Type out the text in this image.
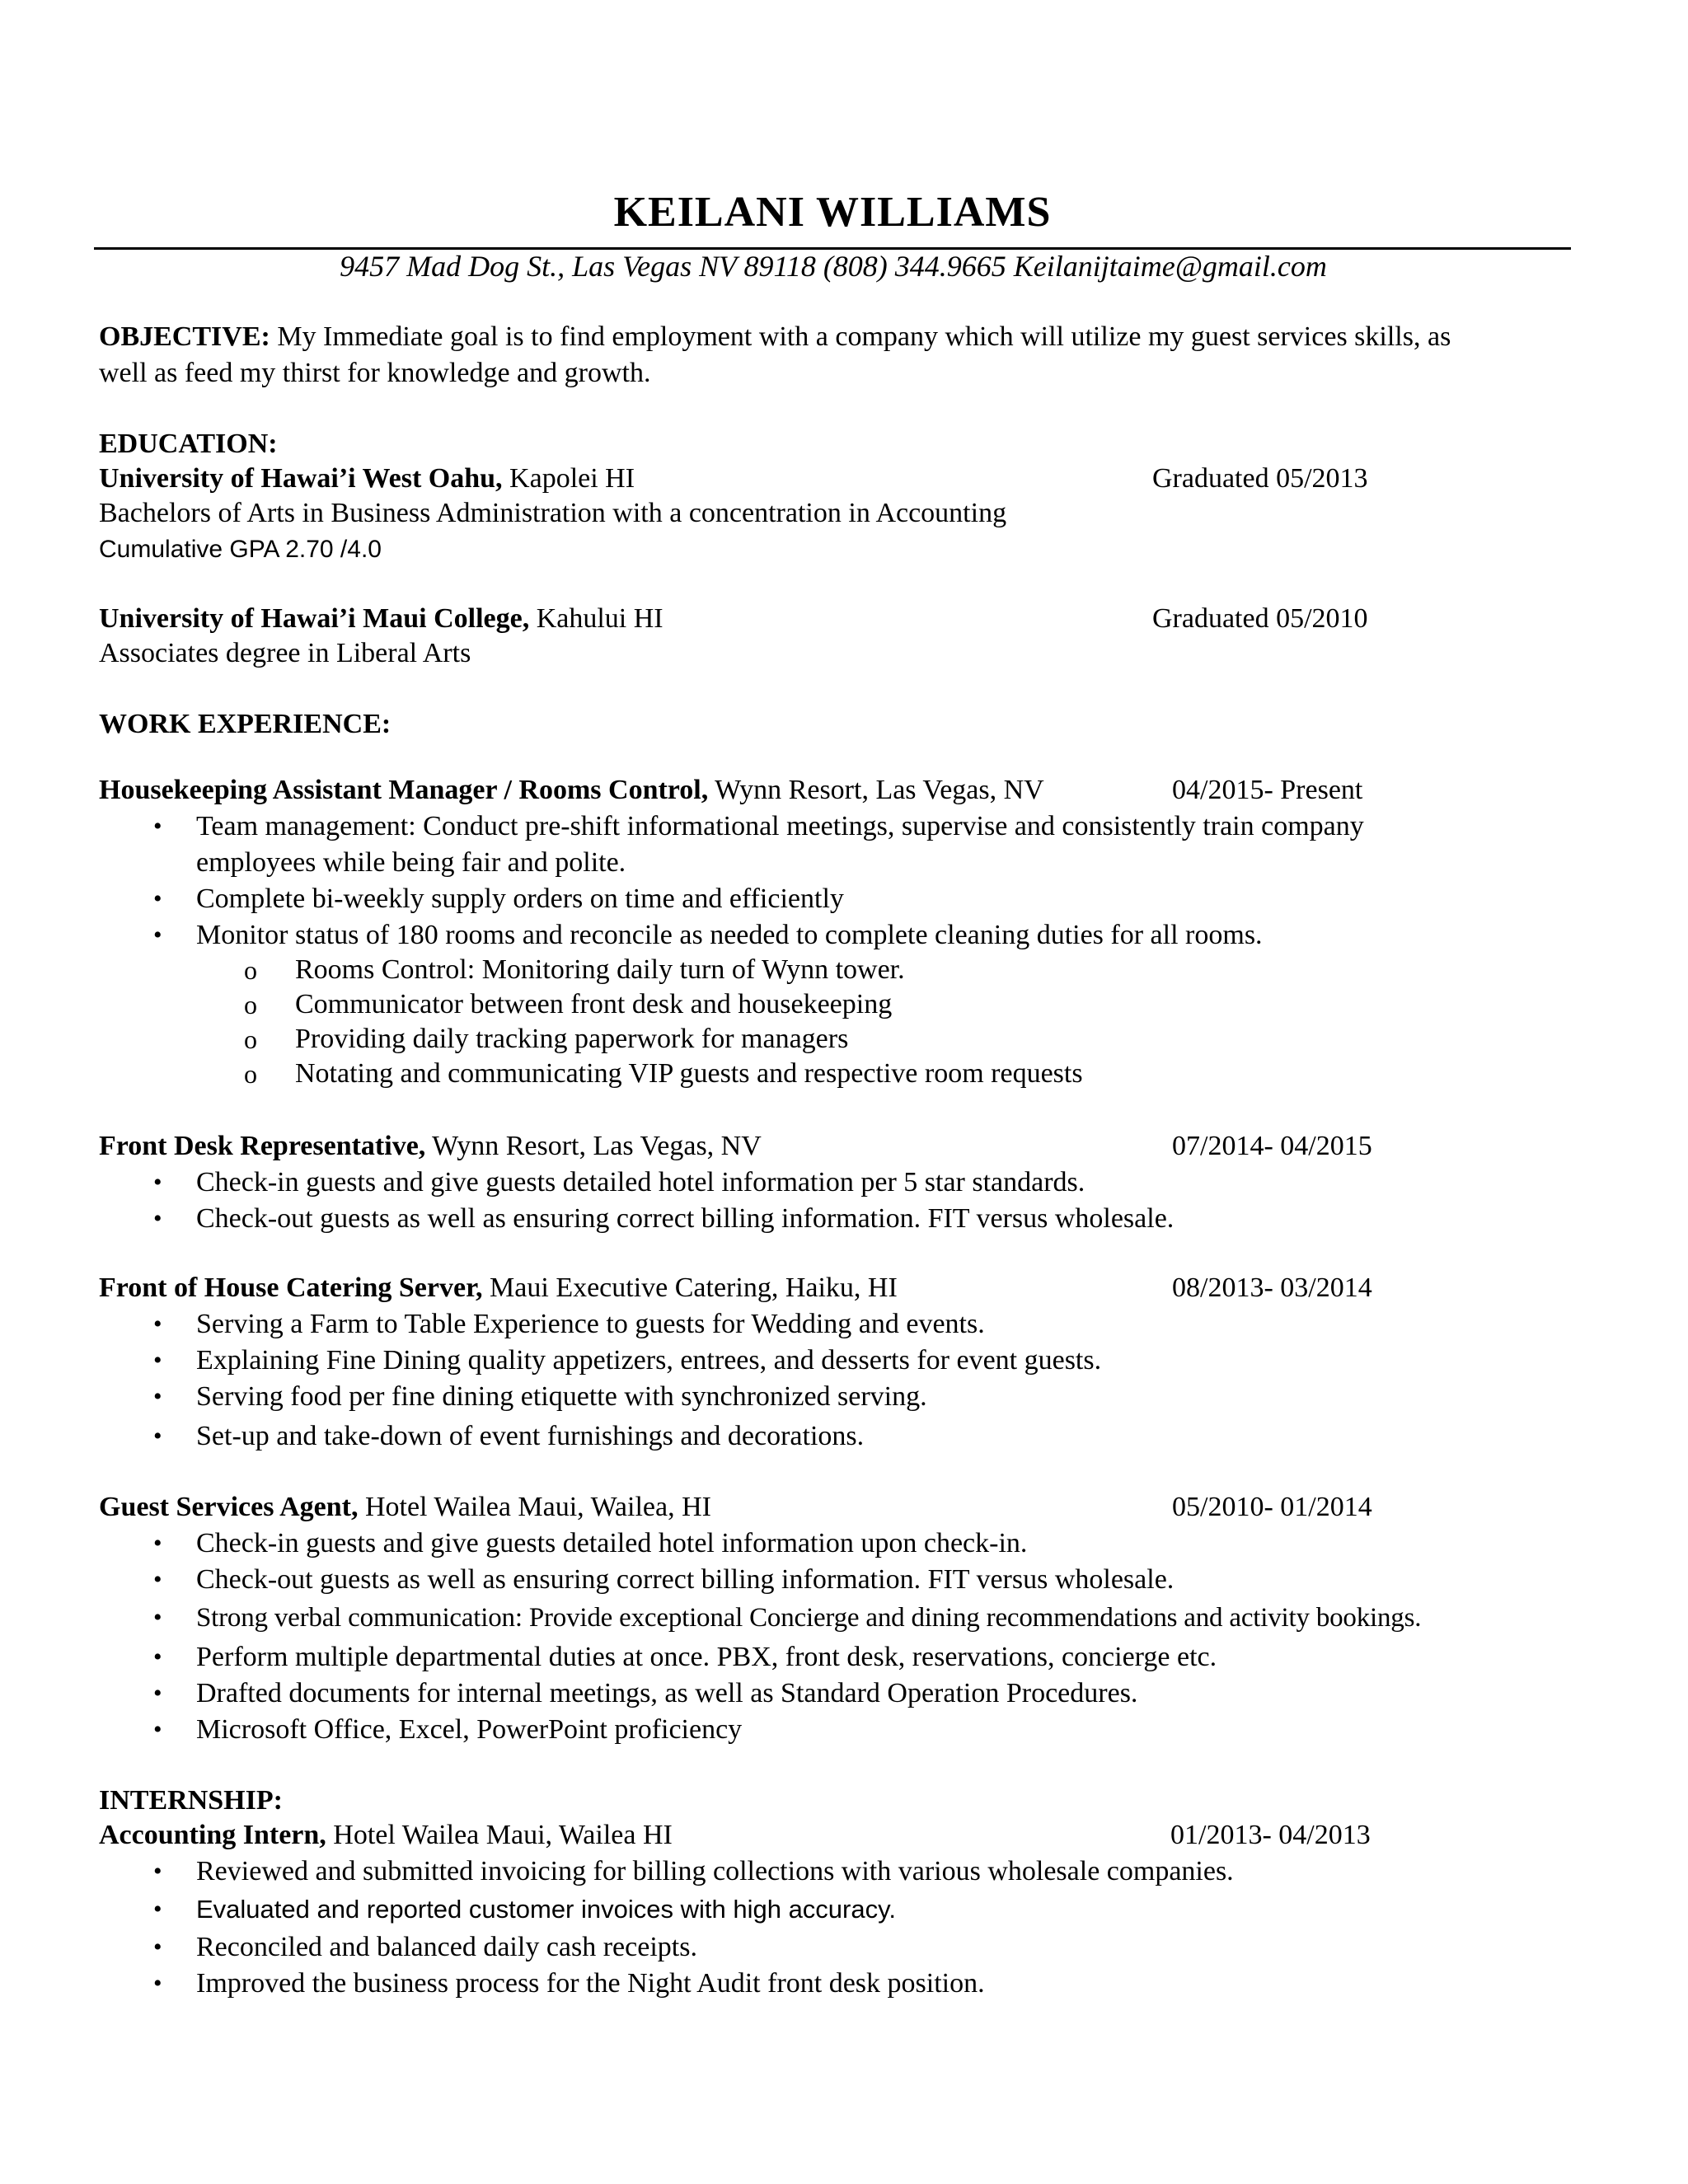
KEILANI WILLIAMS
9457 Mad Dog St., Las Vegas NV 89118 (808) 344.9665 Keilanijtaime@gmail.com
OBJECTIVE: My Immediate goal is to find employment with a company which will utilize my guest services skills, as
well as feed my thirst for knowledge and growth.
EDUCATION:
University of Hawai’i West Oahu, Kapolei HI	Graduated 05/2013
Bachelors of Arts in Business Administration with a concentration in Accounting
Cumulative GPA 2.70 /4.0
University of Hawai’i Maui College, Kahului HI	Graduated 05/2010
Associates degree in Liberal Arts
WORK EXPERIENCE:
Housekeeping Assistant Manager / Rooms Control, Wynn Resort, Las Vegas, NV	04/2015- Present
• Team management: Conduct pre-shift informational meetings, supervise and consistently train company
employees while being fair and polite.
• Complete bi-weekly supply orders on time and efficiently
• Monitor status of 180 rooms and reconcile as needed to complete cleaning duties for all rooms.
o Rooms Control: Monitoring daily turn of Wynn tower.
o Communicator between front desk and housekeeping
o Providing daily tracking paperwork for managers
o Notating and communicating VIP guests and respective room requests
Front Desk Representative, Wynn Resort, Las Vegas, NV	07/2014- 04/2015
• Check-in guests and give guests detailed hotel information per 5 star standards.
• Check-out guests as well as ensuring correct billing information. FIT versus wholesale.
Front of House Catering Server, Maui Executive Catering, Haiku, HI	08/2013- 03/2014
• Serving a Farm to Table Experience to guests for Wedding and events.
• Explaining Fine Dining quality appetizers, entrees, and desserts for event guests.
• Serving food per fine dining etiquette with synchronized serving.
• Set-up and take-down of event furnishings and decorations.
Guest Services Agent, Hotel Wailea Maui, Wailea, HI	05/2010- 01/2014
• Check-in guests and give guests detailed hotel information upon check-in.
• Check-out guests as well as ensuring correct billing information. FIT versus wholesale.
• Strong verbal communication: Provide exceptional Concierge and dining recommendations and activity bookings.
• Perform multiple departmental duties at once. PBX, front desk, reservations, concierge etc.
• Drafted documents for internal meetings, as well as Standard Operation Procedures.
• Microsoft Office, Excel, PowerPoint proficiency
INTERNSHIP:
Accounting Intern, Hotel Wailea Maui, Wailea HI	01/2013- 04/2013
• Reviewed and submitted invoicing for billing collections with various wholesale companies.
• Evaluated and reported customer invoices with high accuracy.
• Reconciled and balanced daily cash receipts.
• Improved the business process for the Night Audit front desk position.
